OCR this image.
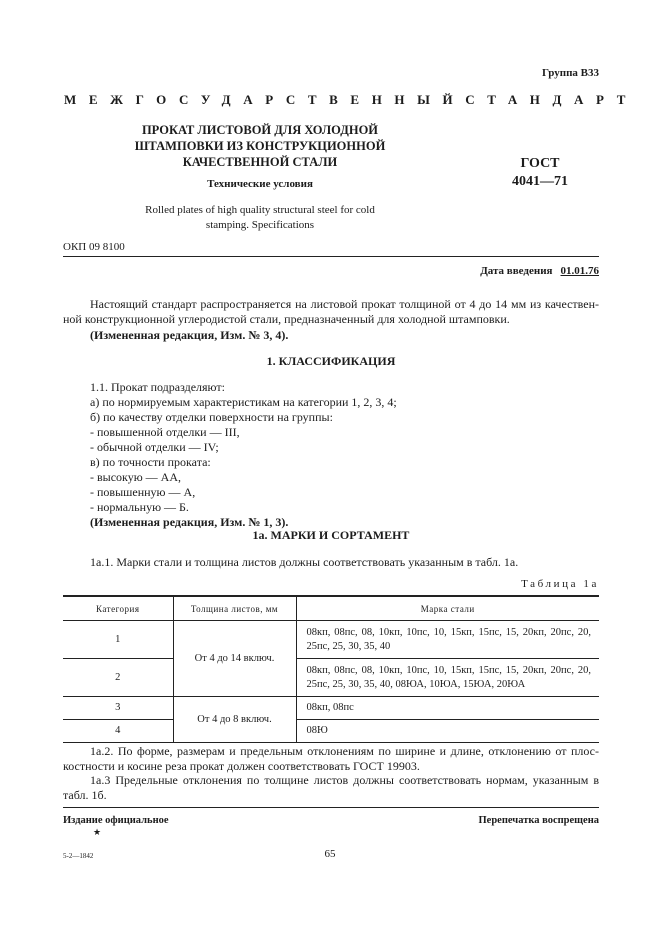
Группа В33
МЕЖГОСУДАРСТВЕННЫЙ СТАНДАРТ
ПРОКАТ ЛИСТОВОЙ ДЛЯ ХОЛОДНОЙ
ШТАМПОВКИ ИЗ КОНСТРУКЦИОННОЙ
КАЧЕСТВЕННОЙ СТАЛИ
Технические условия
Rolled plates of high quality structural steel for cold
stamping. Specifications
ГОСТ
4041—71
ОКП 09 8100
Дата введения 01.01.76
Настоящий стандарт распространяется на листовой прокат толщиной от 4 до 14 мм из качествен-ной конструкционной углеродистой стали, предназначенный для холодной штамповки.
(Измененная редакция, Изм. № 3, 4).
1. КЛАССИФИКАЦИЯ
1.1. Прокат подразделяют:
а) по нормируемым характеристикам на категории 1, 2, 3, 4;
б) по качеству отделки поверхности на группы:
- повышенной отделки — III,
- обычной отделки — IV;
в) по точности проката:
- высокую — АА,
- повышенную — А,
- нормальную — Б.
(Измененная редакция, Изм. № 1, 3).
1а. МАРКИ И СОРТАМЕНТ
1а.1. Марки стали и толщина листов должны соответствовать указанным в табл. 1а.
Таблица 1а
Категория	Толщина листов, мм	Марка стали
1	От 4 до 14 включ.	08кп, 08пс, 08, 10кп, 10пс, 10, 15кп, 15пс, 15, 20кп, 20пс, 20, 25пс, 25, 30, 35, 40
2		08кп, 08пс, 08, 10кп, 10пс, 10, 15кп, 15пс, 15, 20кп, 20пс, 20, 25пс, 25, 30, 35, 40, 08ЮА, 10ЮА, 15ЮА, 20ЮА
3	От 4 до 8 включ.	08кп, 08пс
4		08Ю
1а.2. По форме, размерам и предельным отклонениям по ширине и длине, отклонению от плос-костности и косине реза прокат должен соответствовать ГОСТ 19903.
1а.3 Предельные отклонения по толщине листов должны соответствовать нормам, указанным в табл. 1б.
Издание официальное	Перепечатка воспрещена
★
5-2—1842	65
